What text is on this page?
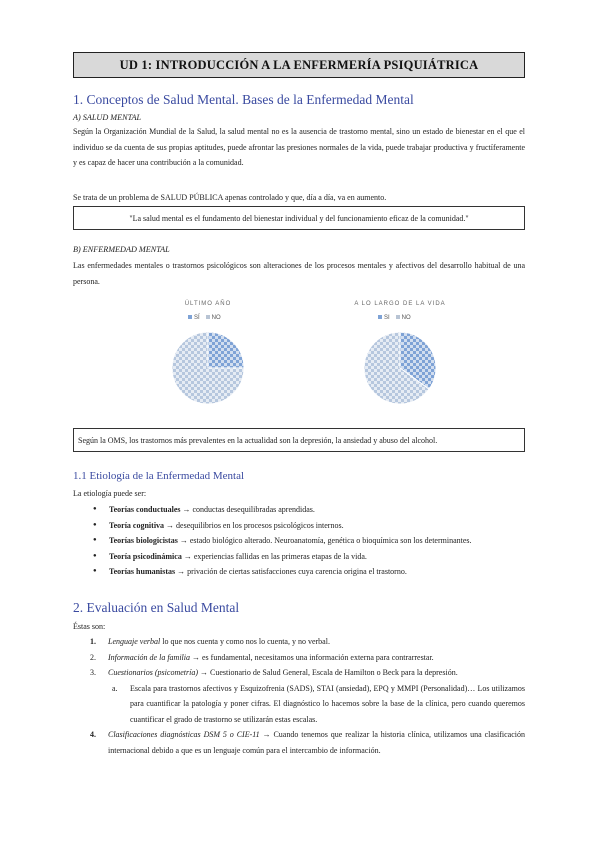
UD 1: INTRODUCCIÓN A LA ENFERMERÍA PSIQUIÁTRICA
1. Conceptos de Salud Mental. Bases de la Enfermedad Mental
A) SALUD MENTAL
Según la Organización Mundial de la Salud, la salud mental no es la ausencia de trastorno mental, sino un estado de bienestar en el que el individuo se da cuenta de sus propias aptitudes, puede afrontar las presiones normales de la vida, puede trabajar productiva y fructíferamente y es capaz de hacer una contribución a la comunidad.
Se trata de un problema de SALUD PÚBLICA apenas controlado y que, día a día, va en aumento.
"La salud mental es el fundamento del bienestar individual y del funcionamiento eficaz de la comunidad."
B) ENFERMEDAD MENTAL
Las enfermedades mentales o trastornos psicológicos son alteraciones de los procesos mentales y afectivos del desarrollo habitual de una persona.
ÚLTIMO AÑO
SÍ	NO
A LO LARGO DE LA VIDA
SI	NO
Según la OMS, los trastornos más prevalentes en la actualidad son la depresión, la ansiedad y abuso del alcohol.
1.1 Etiología de la Enfermedad Mental
La etiología puede ser:
● Teorías conductuales → conductas desequilibradas aprendidas.
● Teoría cognitiva → desequilibrios en los procesos psicológicos internos.
● Teorías biologicistas → estado biológico alterado. Neuroanatomía, genética o bioquímica son los determinantes.
● Teoría psicodinámica → experiencias fallidas en las primeras etapas de la vida.
● Teorías humanistas → privación de ciertas satisfacciones cuya carencia origina el trastorno.
2. Evaluación en Salud Mental
Éstas son:
1. Lenguaje verbal lo que nos cuenta y como nos lo cuenta, y no verbal.
2. Información de la familia → es fundamental, necesitamos una información externa para contrarrestar.
3. Cuestionarios (psicometría) → Cuestionario de Salud General, Escala de Hamilton o Beck para la depresión.
a. Escala para trastornos afectivos y Esquizofrenia (SADS), STAI (ansiedad), EPQ y MMPI (Personalidad)… Los utilizamos para cuantificar la patología y poner cifras. El diagnóstico lo hacemos sobre la base de la clínica, pero cuando queremos cuantificar el grado de trastorno se utilizarán estas escalas.
4. Clasificaciones diagnósticas DSM 5 o CIE-11 → Cuando tenemos que realizar la historia clínica, utilizamos una clasificación internacional debido a que es un lenguaje común para el intercambio de información.
